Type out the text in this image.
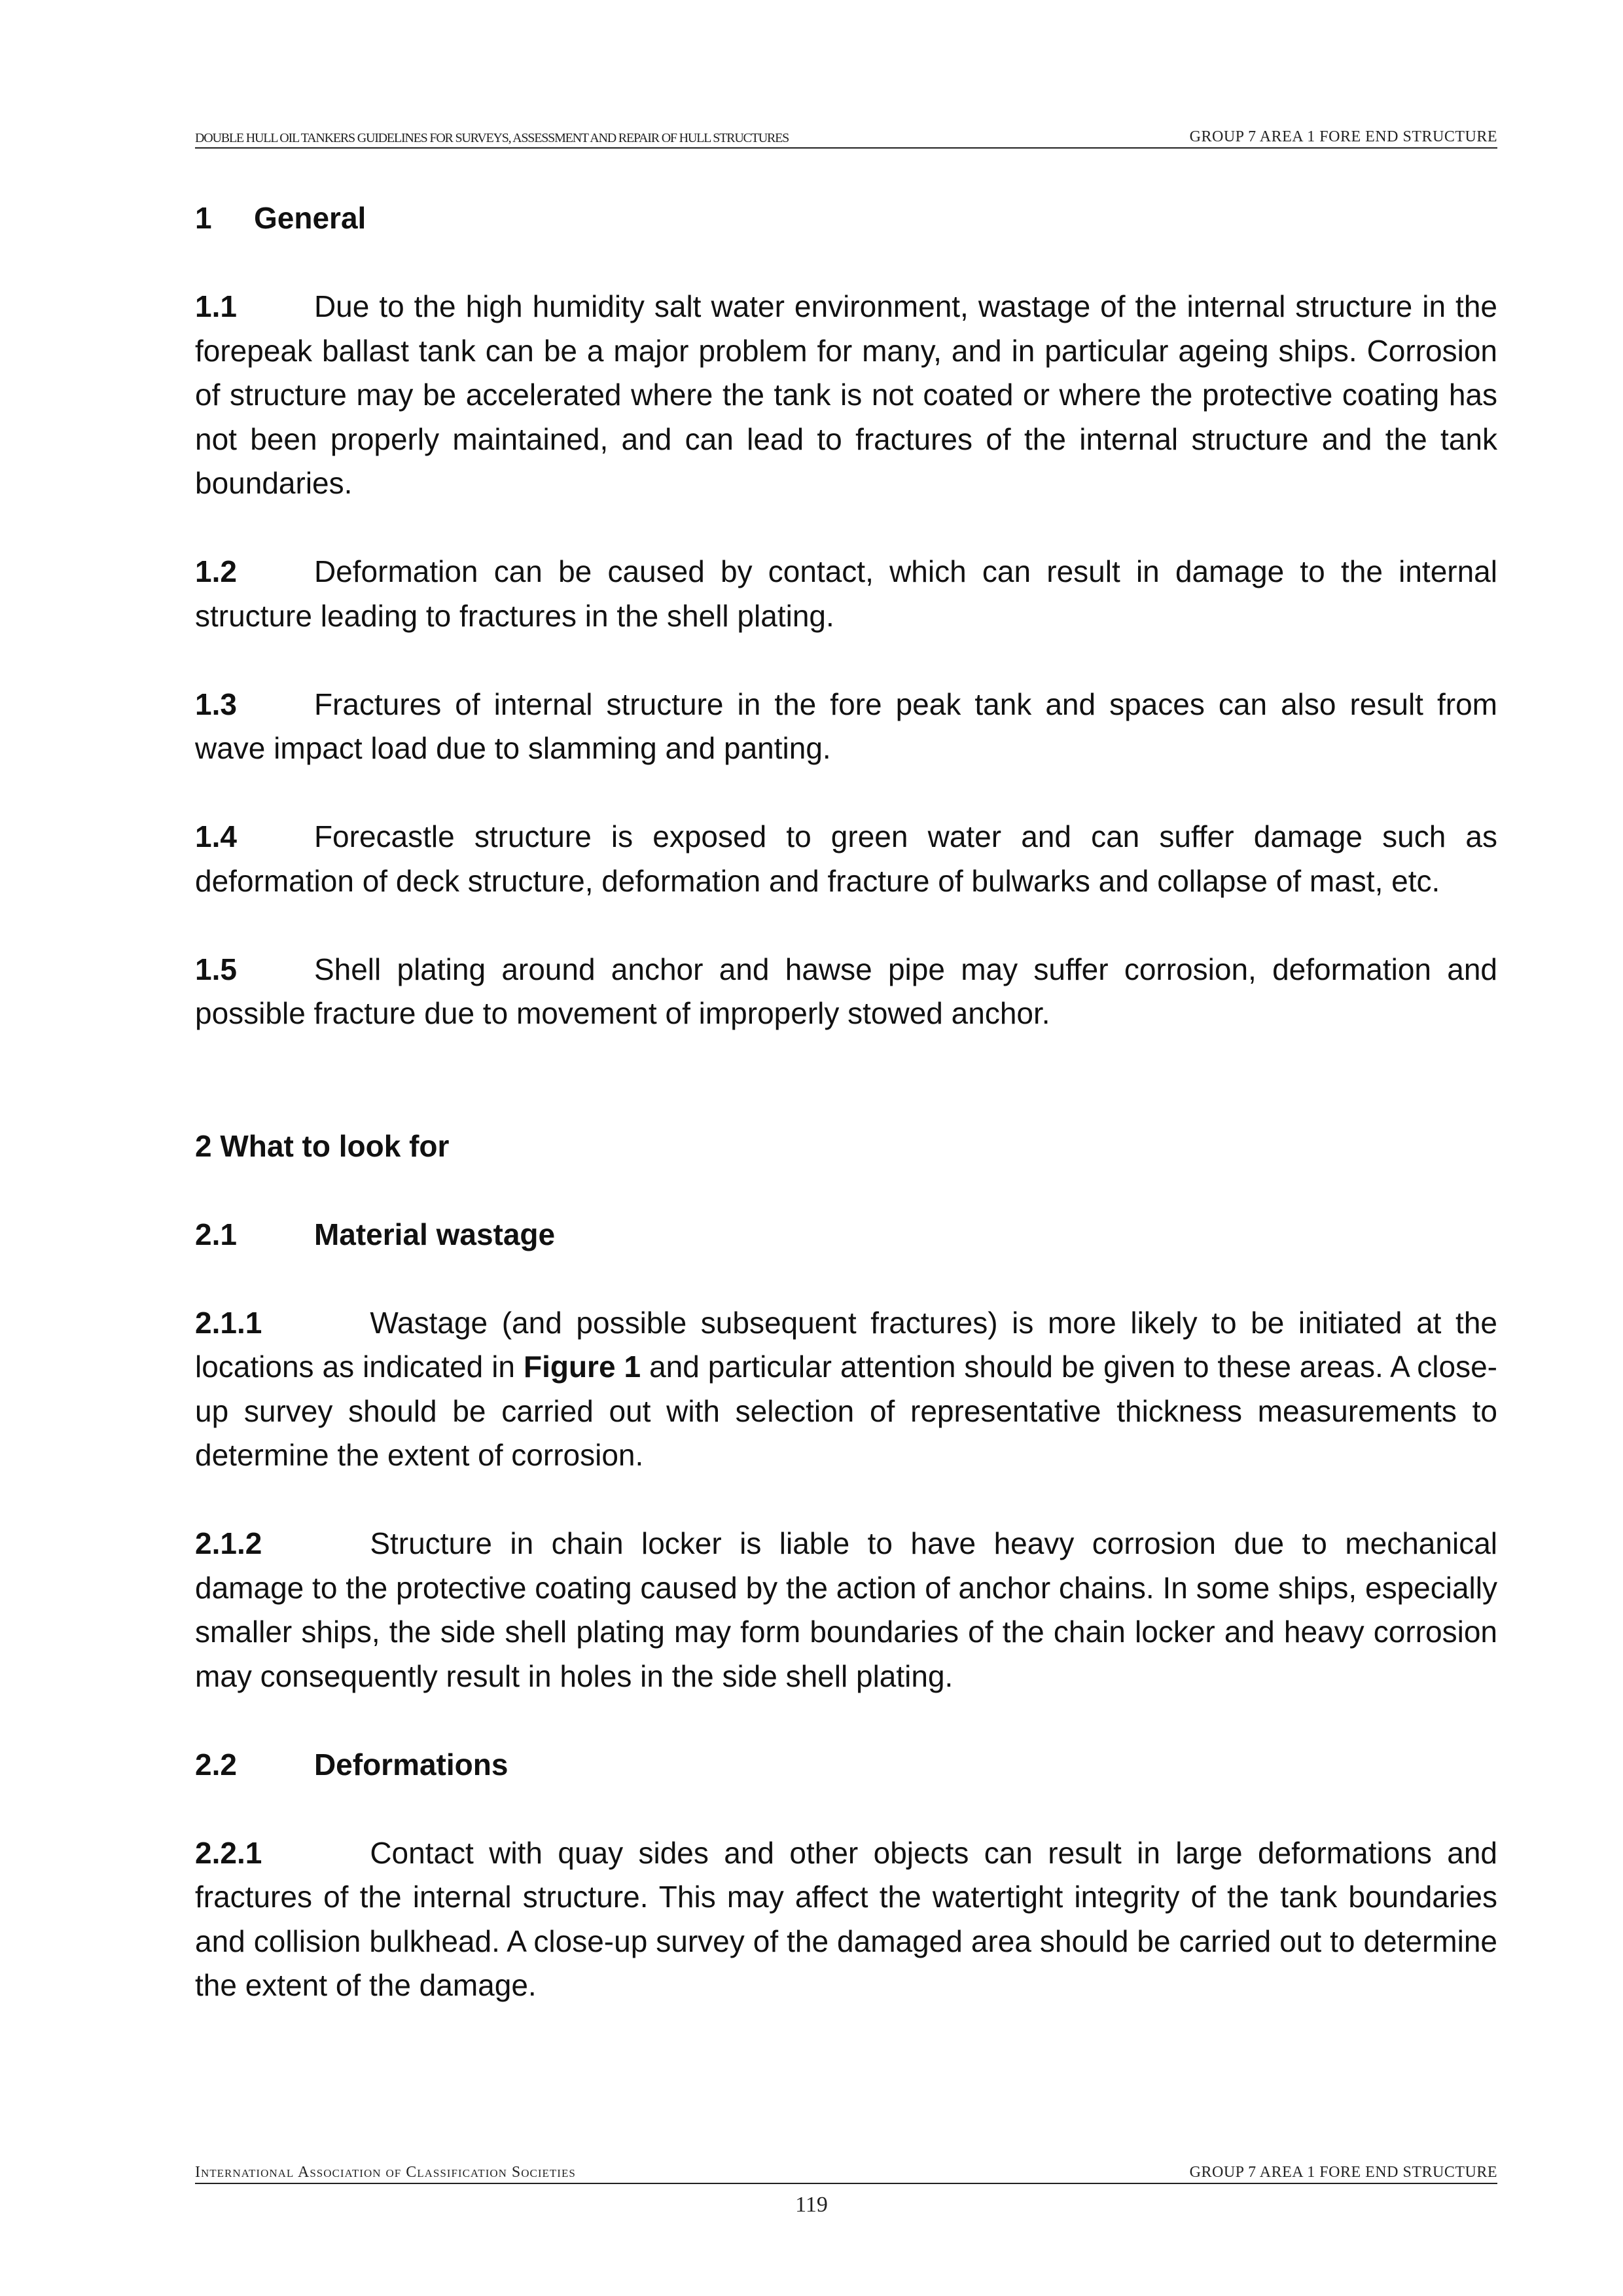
DOUBLE HULL OIL TANKERS GUIDELINES FOR SURVEYS, ASSESSMENT AND REPAIR OF HULL STRUCTURES	GROUP 7 AREA 1 FORE END STRUCTURE

1 General

1.1	Due to the high humidity salt water environment, wastage of the internal structure in the forepeak ballast tank can be a major problem for many, and in particular ageing ships. Corrosion of structure may be accelerated where the tank is not coated or where the protective coating has not been properly maintained, and can lead to fractures of the internal structure and the tank boundaries.

1.2	Deformation can be caused by contact, which can result in damage to the internal structure leading to fractures in the shell plating.

1.3	Fractures of internal structure in the fore peak tank and spaces can also result from wave impact load due to slamming and panting.

1.4	Forecastle structure is exposed to green water and can suffer damage such as deformation of deck structure, deformation and fracture of bulwarks and collapse of mast, etc.

1.5	Shell plating around anchor and hawse pipe may suffer corrosion, deformation and possible fracture due to movement of improperly stowed anchor.

2 What to look for

2.1	Material wastage

2.1.1	Wastage (and possible subsequent fractures) is more likely to be initiated at the locations as indicated in Figure 1 and particular attention should be given to these areas. A close-up survey should be carried out with selection of representative thickness measurements to determine the extent of corrosion.

2.1.2	Structure in chain locker is liable to have heavy corrosion due to mechanical damage to the protective coating caused by the action of anchor chains. In some ships, especially smaller ships, the side shell plating may form boundaries of the chain locker and heavy corrosion may consequently result in holes in the side shell plating.

2.2	Deformations

2.2.1	Contact with quay sides and other objects can result in large deformations and fractures of the internal structure. This may affect the watertight integrity of the tank boundaries and collision bulkhead. A close-up survey of the damaged area should be carried out to determine the extent of the damage.

International Association of Classification Societies	GROUP 7 AREA 1 FORE END STRUCTURE
119
